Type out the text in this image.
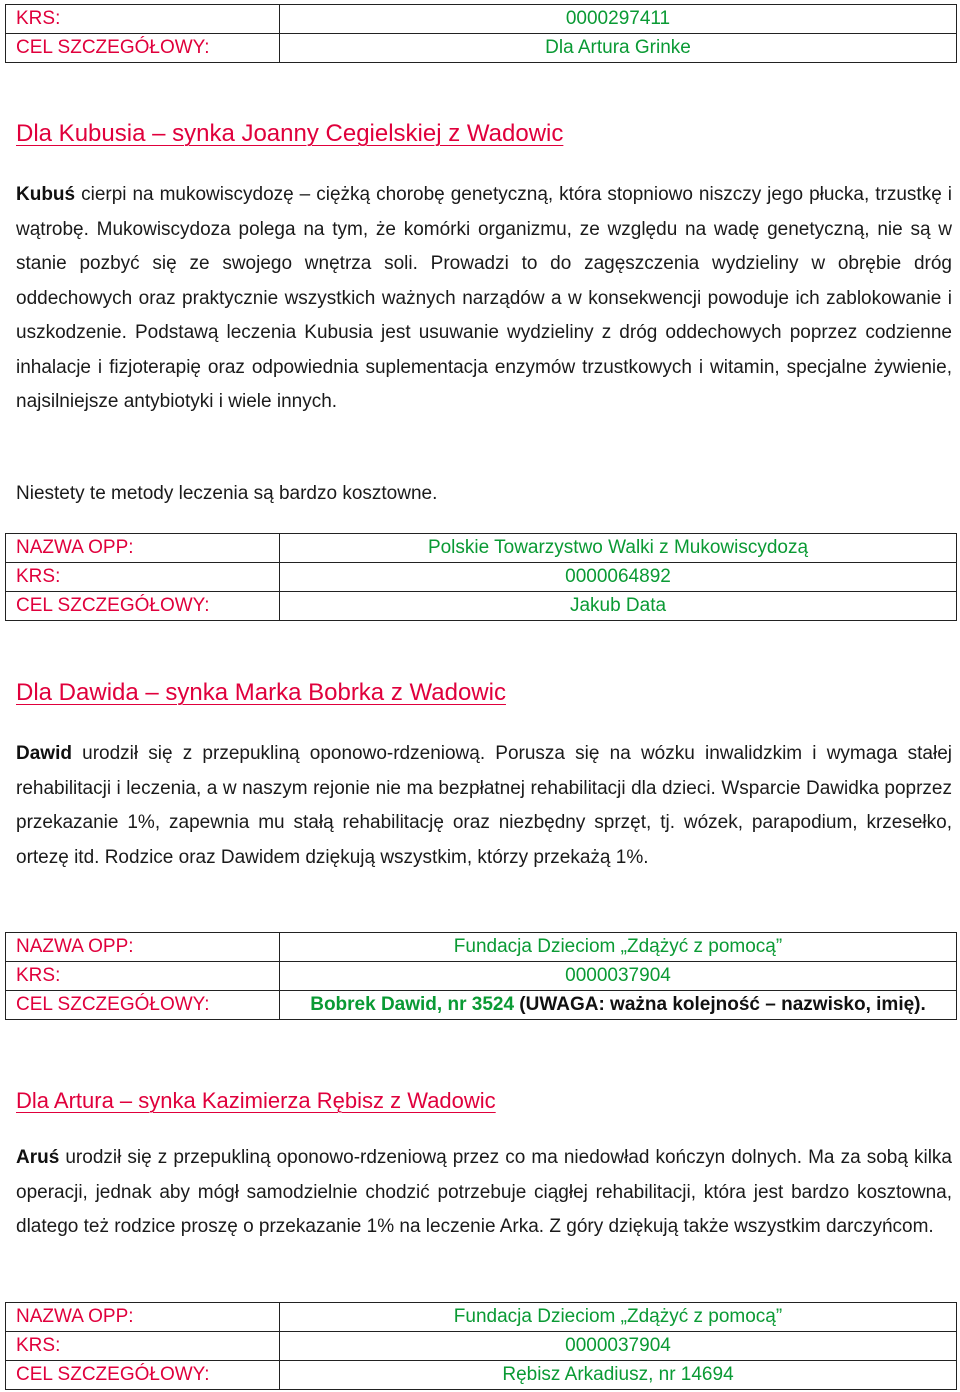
KRS:	0000297411
CEL SZCZEGÓŁOWY:	Dla Artura Grinke
Dla Kubusia – synka Joanny Cegielskiej z Wadowic

Kubuś cierpi na mukowiscydozę – ciężką chorobę genetyczną, która stopniowo niszczy jego płucka, trzustkę i wątrobę. Mukowiscydoza polega na tym, że komórki organizmu, ze względu na wadę genetyczną, nie są w stanie pozbyć się ze swojego wnętrza soli. Prowadzi to do zagęszczenia wydzieliny w obrębie dróg oddechowych oraz praktycznie wszystkich ważnych narządów a w konsekwencji powoduje ich zablokowanie i uszkodzenie. Podstawą leczenia Kubusia jest usuwanie wydzieliny z dróg oddechowych poprzez codzienne inhalacje i fizjoterapię oraz odpowiednia suplementacja enzymów trzustkowych i witamin, specjalne żywienie, najsilniejsze antybiotyki i wiele innych.

Niestety te metody leczenia są bardzo kosztowne.

NAZWA OPP:	Polskie Towarzystwo Walki z Mukowiscydozą
KRS:	0000064892
CEL SZCZEGÓŁOWY:	Jakub Data
Dla Dawida – synka Marka Bobrka z Wadowic

Dawid urodził się z przepukliną oponowo-rdzeniową. Porusza się na wózku inwalidzkim i wymaga stałej rehabilitacji i leczenia, a w naszym rejonie nie ma bezpłatnej rehabilitacji dla dzieci. Wsparcie Dawidka poprzez przekazanie 1%, zapewnia mu stałą rehabilitację oraz niezbędny sprzęt, tj. wózek, parapodium, krzesełko, ortezę itd. Rodzice oraz Dawidem dziękują wszystkim, którzy przekażą 1%.

NAZWA OPP:	Fundacja Dzieciom „Zdążyć z pomocą”
KRS:	0000037904
CEL SZCZEGÓŁOWY:	Bobrek Dawid, nr 3524 (UWAGA: ważna kolejność – nazwisko, imię).
Dla Artura – synka Kazimierza Rębisz z Wadowic

Aruś urodził się z przepukliną oponowo-rdzeniową przez co ma niedowład kończyn dolnych. Ma za sobą kilka operacji, jednak aby mógł samodzielnie chodzić potrzebuje ciągłej rehabilitacji, która jest bardzo kosztowna, dlatego też rodzice proszę o przekazanie 1% na leczenie Arka. Z góry dziękują także wszystkim darczyńcom.

NAZWA OPP:	Fundacja Dzieciom „Zdążyć z pomocą”
KRS:	0000037904
CEL SZCZEGÓŁOWY:	Rębisz Arkadiusz, nr 14694
